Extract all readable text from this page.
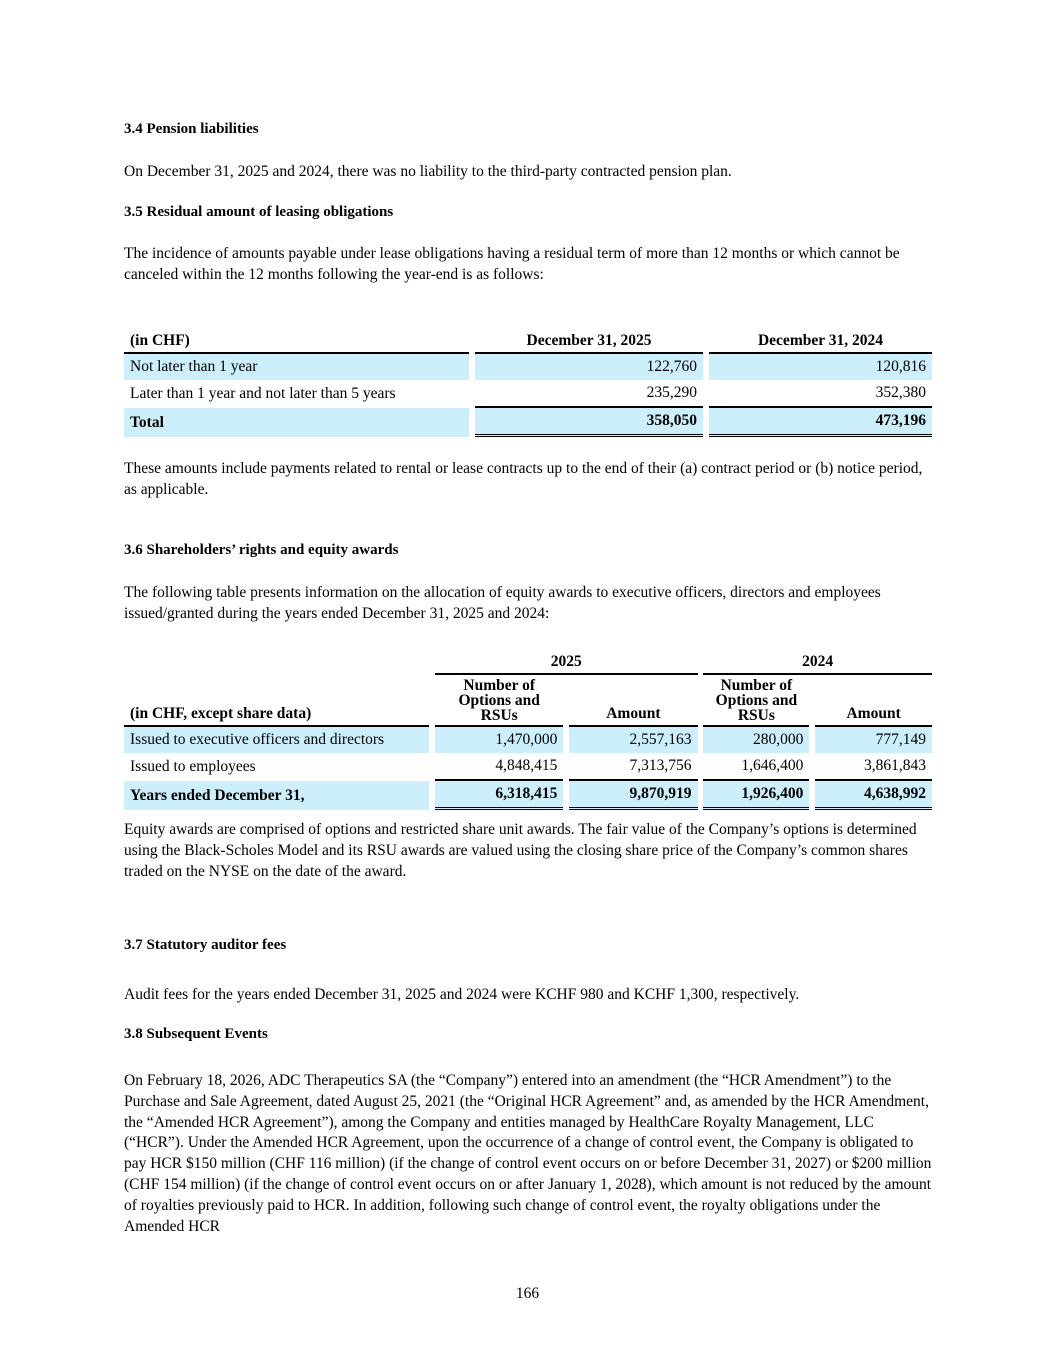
3.4 Pension liabilities
On December 31, 2025 and 2024, there was no liability to the third-party contracted pension plan.
3.5 Residual amount of leasing obligations
The incidence of amounts payable under lease obligations having a residual term of more than 12 months or which cannot be canceled within the 12 months following the year-end is as follows:
(in CHF)		December 31, 2025		December 31, 2024
Not later than 1 year		122,760		120,816
Later than 1 year and not later than 5 years		235,290		352,380
Total		358,050		473,196
These amounts include payments related to rental or lease contracts up to the end of their (a) contract period or (b) notice period, as applicable.
3.6 Shareholders’ rights and equity awards
The following table presents information on the allocation of equity awards to executive officers, directors and employees issued/granted during the years ended December 31, 2025 and 2024:
		2025				2024		
(in CHF, except share data)		Number of Options and RSUs		Amount		Number of Options and RSUs		Amount
Issued to executive officers and directors		1,470,000		2,557,163		280,000		777,149
Issued to employees		4,848,415		7,313,756		1,646,400		3,861,843
Years ended December 31,		6,318,415		9,870,919		1,926,400		4,638,992
Equity awards are comprised of options and restricted share unit awards. The fair value of the Company’s options is determined using the Black-Scholes Model and its RSU awards are valued using the closing share price of the Company’s common shares traded on the NYSE on the date of the award.
3.7 Statutory auditor fees
Audit fees for the years ended December 31, 2025 and 2024 were KCHF 980 and KCHF 1,300, respectively.
3.8 Subsequent Events
On February 18, 2026, ADC Therapeutics SA (the “Company”) entered into an amendment (the “HCR Amendment”) to the Purchase and Sale Agreement, dated August 25, 2021 (the “Original HCR Agreement” and, as amended by the HCR Amendment, the “Amended HCR Agreement”), among the Company and entities managed by HealthCare Royalty Management, LLC (“HCR”). Under the Amended HCR Agreement, upon the occurrence of a change of control event, the Company is obligated to pay HCR $150 million (CHF 116 million) (if the change of control event occurs on or before December 31, 2027) or $200 million (CHF 154 million) (if the change of control event occurs on or after January 1, 2028), which amount is not reduced by the amount of royalties previously paid to HCR. In addition, following such change of control event, the royalty obligations under the Amended HCR
166
